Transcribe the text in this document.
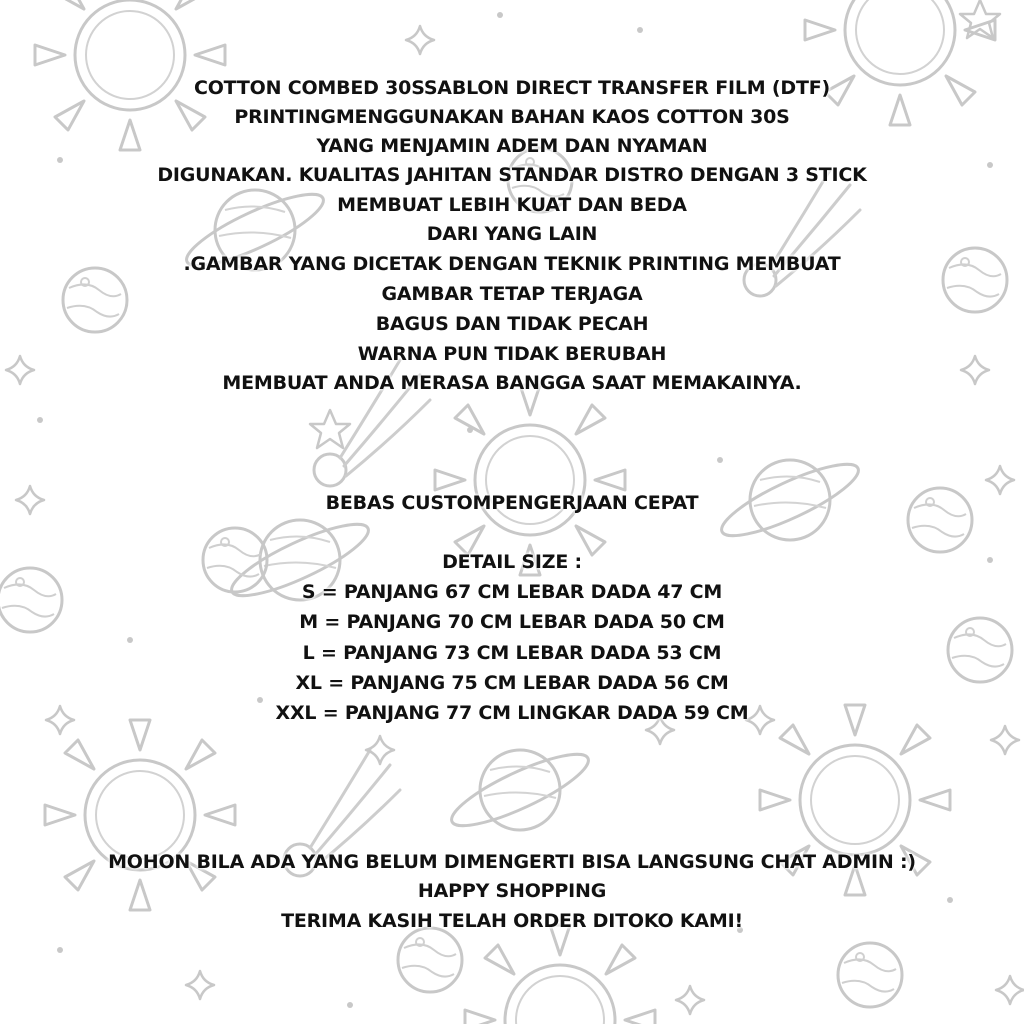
COTTON COMBED 30SSABLON DIRECT TRANSFER FILM (DTF)
PRINTINGMENGGUNAKAN BAHAN KAOS COTTON 30S
YANG MENJAMIN ADEM DAN NYAMAN
DIGUNAKAN. KUALITAS JAHITAN STANDAR DISTRO DENGAN 3 STICK
MEMBUAT LEBIH KUAT DAN BEDA
DARI YANG LAIN
.GAMBAR YANG DICETAK DENGAN TEKNIK PRINTING MEMBUAT
GAMBAR TETAP TERJAGA
BAGUS DAN TIDAK PECAH
WARNA PUN TIDAK BERUBAH
MEMBUAT ANDA MERASA BANGGA SAAT MEMAKAINYA.
BEBAS CUSTOMPENGERJAAN CEPAT
DETAIL SIZE :
S = PANJANG 67 CM LEBAR DADA 47 CM
M = PANJANG 70 CM LEBAR DADA 50 CM
L = PANJANG 73 CM LEBAR DADA 53 CM
XL = PANJANG 75 CM LEBAR DADA 56 CM
XXL = PANJANG 77 CM LINGKAR DADA 59 CM
MOHON BILA ADA YANG BELUM DIMENGERTI BISA LANGSUNG CHAT ADMIN :)
HAPPY SHOPPING
TERIMA KASIH TELAH ORDER DITOKO KAMI!
